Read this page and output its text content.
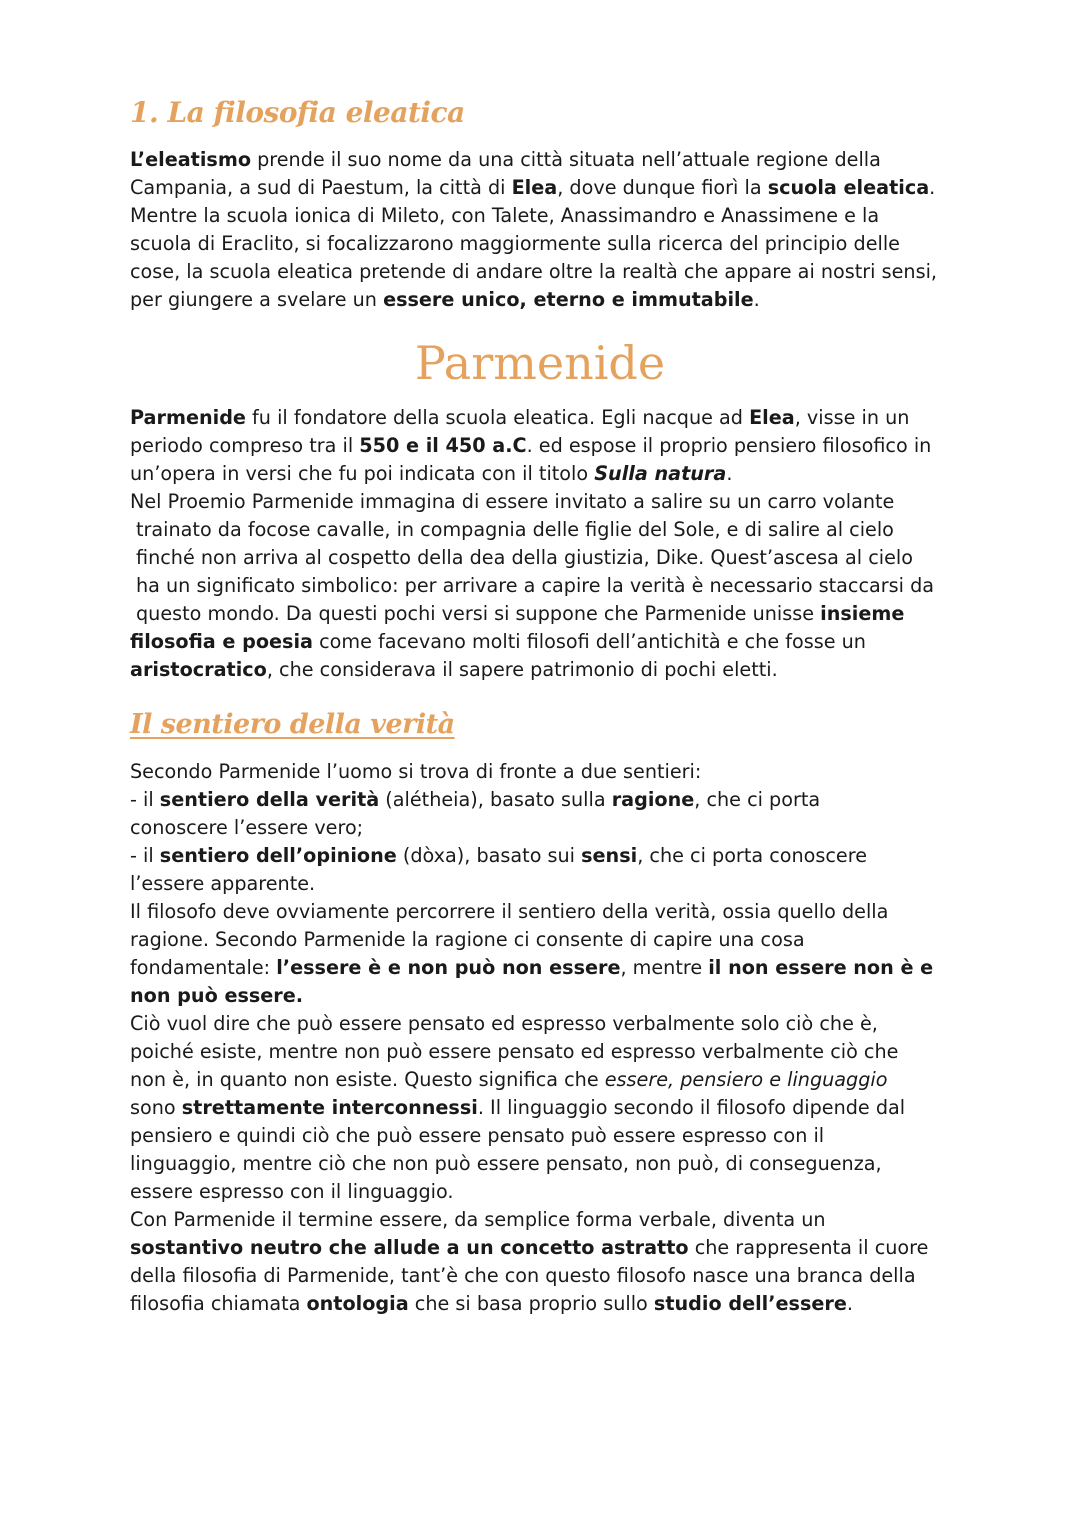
1. La filosofia eleatica

L’eleatismo prende il suo nome da una città situata nell’attuale regione della
Campania, a sud di Paestum, la città di Elea, dove dunque fiorì la scuola eleatica.
Mentre la scuola ionica di Mileto, con Talete, Anassimandro e Anassimene e la
scuola di Eraclito, si focalizzarono maggiormente sulla ricerca del principio delle
cose, la scuola eleatica pretende di andare oltre la realtà che appare ai nostri sensi,
per giungere a svelare un essere unico, eterno e immutabile.

Parmenide

Parmenide fu il fondatore della scuola eleatica. Egli nacque ad Elea, visse in un
periodo compreso tra il 550 e il 450 a.C. ed espose il proprio pensiero filosofico in
un’opera in versi che fu poi indicata con il titolo Sulla natura.
Nel Proemio Parmenide immagina di essere invitato a salire su un carro volante
trainato da focose cavalle, in compagnia delle figlie del Sole, e di salire al cielo
finché non arriva al cospetto della dea della giustizia, Dike. Quest’ascesa al cielo
ha un significato simbolico: per arrivare a capire la verità è necessario staccarsi da
questo mondo. Da questi pochi versi si suppone che Parmenide unisse insieme
filosofia e poesia come facevano molti filosofi dell’antichità e che fosse un
aristocratico, che considerava il sapere patrimonio di pochi eletti.

Il sentiero della verità

Secondo Parmenide l’uomo si trova di fronte a due sentieri:
- il sentiero della verità (alétheia), basato sulla ragione, che ci porta
conoscere l’essere vero;
- il sentiero dell’opinione (dòxa), basato sui sensi, che ci porta conoscere
l’essere apparente.
Il filosofo deve ovviamente percorrere il sentiero della verità, ossia quello della
ragione. Secondo Parmenide la ragione ci consente di capire una cosa
fondamentale: l’essere è e non può non essere, mentre il non essere non è e
non può essere.
Ciò vuol dire che può essere pensato ed espresso verbalmente solo ciò che è,
poiché esiste, mentre non può essere pensato ed espresso verbalmente ciò che
non è, in quanto non esiste. Questo significa che essere, pensiero e linguaggio
sono strettamente interconnessi. Il linguaggio secondo il filosofo dipende dal
pensiero e quindi ciò che può essere pensato può essere espresso con il
linguaggio, mentre ciò che non può essere pensato, non può, di conseguenza,
essere espresso con il linguaggio.
Con Parmenide il termine essere, da semplice forma verbale, diventa un
sostantivo neutro che allude a un concetto astratto che rappresenta il cuore
della filosofia di Parmenide, tant’è che con questo filosofo nasce una branca della
filosofia chiamata ontologia che si basa proprio sullo studio dell’essere.
